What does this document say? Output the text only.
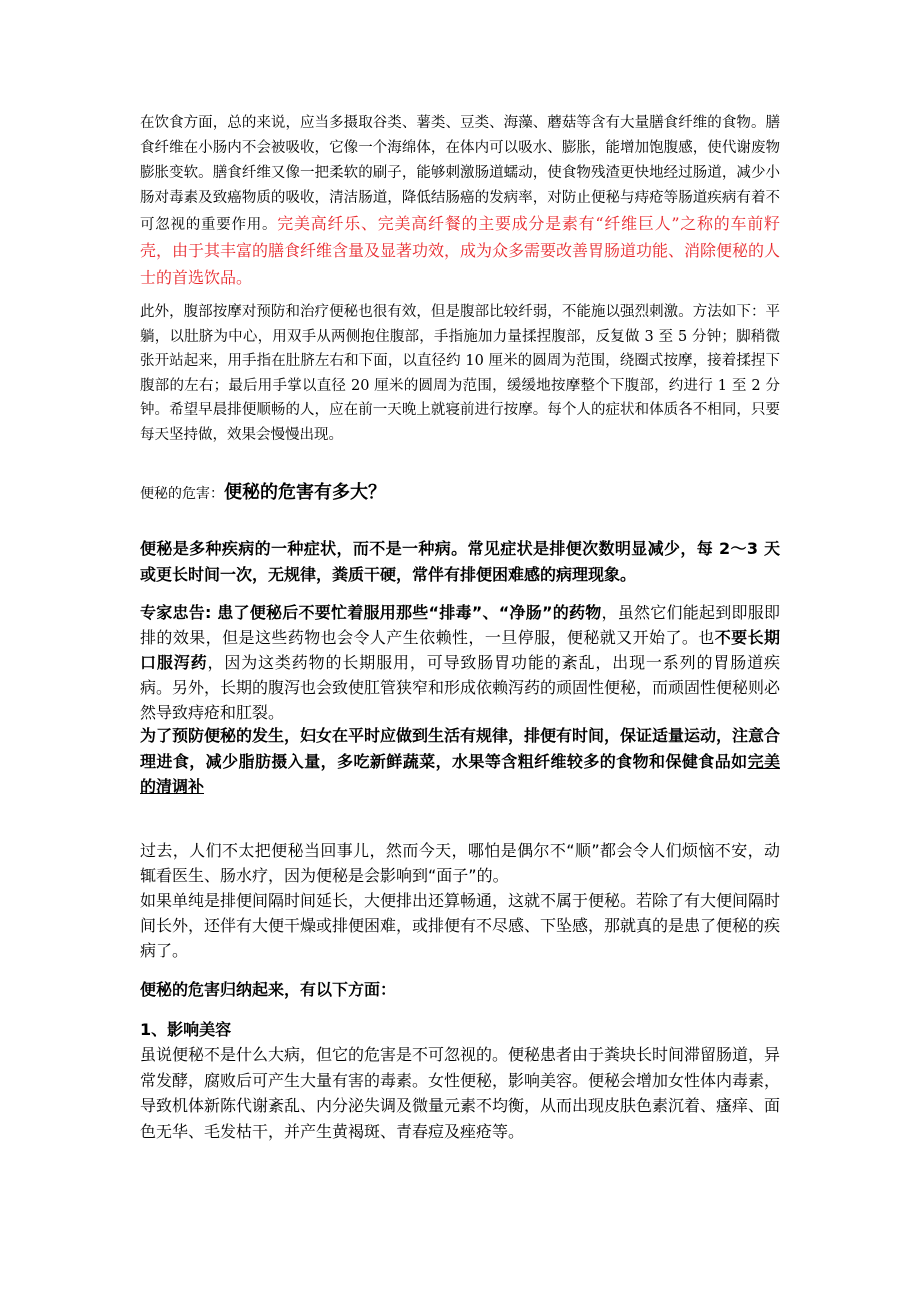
在饮食方面，总的来说，应当多摄取谷类、薯类、豆类、海藻、蘑菇等含有大量膳食纤维的食物。膳食纤维在小肠内不会被吸收，它像一个海绵体，在体内可以吸水、膨胀，能增加饱腹感，使代谢废物膨胀变软。膳食纤维又像一把柔软的刷子，能够刺激肠道蠕动，使食物残渣更快地经过肠道，减少小肠对毒素及致癌物质的吸收，清洁肠道，降低结肠癌的发病率，对防止便秘与痔疮等肠道疾病有着不可忽视的重要作用。完美高纤乐、完美高纤餐的主要成分是素有“纤维巨人”之称的车前籽壳，由于其丰富的膳食纤维含量及显著功效，成为众多需要改善胃肠道功能、消除便秘的人士的首选饮品。

此外，腹部按摩对预防和治疗便秘也很有效，但是腹部比较纤弱，不能施以强烈刺激。方法如下：平躺，以肚脐为中心，用双手从两侧抱住腹部，手指施加力量揉捏腹部，反复做 3 至 5 分钟；脚稍微张开站起来，用手指在肚脐左右和下面，以直径约 10 厘米的圆周为范围，绕圈式按摩，接着揉捏下腹部的左右；最后用手掌以直径 20 厘米的圆周为范围，缓缓地按摩整个下腹部，约进行 1 至 2 分钟。希望早晨排便顺畅的人，应在前一天晚上就寝前进行按摩。每个人的症状和体质各不相同，只要每天坚持做，效果会慢慢出现。

便秘的危害：便秘的危害有多大？

便秘是多种疾病的一种症状，而不是一种病。常见症状是排便次数明显减少，每 2～3 天或更长时间一次，无规律，粪质干硬，常伴有排便困难感的病理现象。

专家忠告: 患了便秘后不要忙着服用那些“排毒”、“净肠”的药物，虽然它们能起到即服即排的效果，但是这些药物也会令人产生依赖性，一旦停服，便秘就又开始了。也不要长期口服泻药，因为这类药物的长期服用，可导致肠胃功能的紊乱，出现一系列的胃肠道疾病。另外，长期的腹泻也会致使肛管狭窄和形成依赖泻药的顽固性便秘，而顽固性便秘则必然导致痔疮和肛裂。

为了预防便秘的发生，妇女在平时应做到生活有规律，排便有时间，保证适量运动，注意合理进食，减少脂肪摄入量，多吃新鲜蔬菜，水果等含粗纤维较多的食物和保健食品如完美的清调补

过去，人们不太把便秘当回事儿，然而今天，哪怕是偶尔不“顺”都会令人们烦恼不安，动辄看医生、肠水疗，因为便秘是会影响到“面子”的。

如果单纯是排便间隔时间延长，大便排出还算畅通，这就不属于便秘。若除了有大便间隔时间长外，还伴有大便干燥或排便困难，或排便有不尽感、下坠感，那就真的是患了便秘的疾病了。

便秘的危害归纳起来，有以下方面：

1、影响美容

虽说便秘不是什么大病，但它的危害是不可忽视的。便秘患者由于粪块长时间滞留肠道，异常发酵，腐败后可产生大量有害的毒素。女性便秘，影响美容。便秘会增加女性体内毒素，导致机体新陈代谢紊乱、内分泌失调及微量元素不均衡，从而出现皮肤色素沉着、瘙痒、面色无华、毛发枯干，并产生黄褐斑、青春痘及痤疮等。
